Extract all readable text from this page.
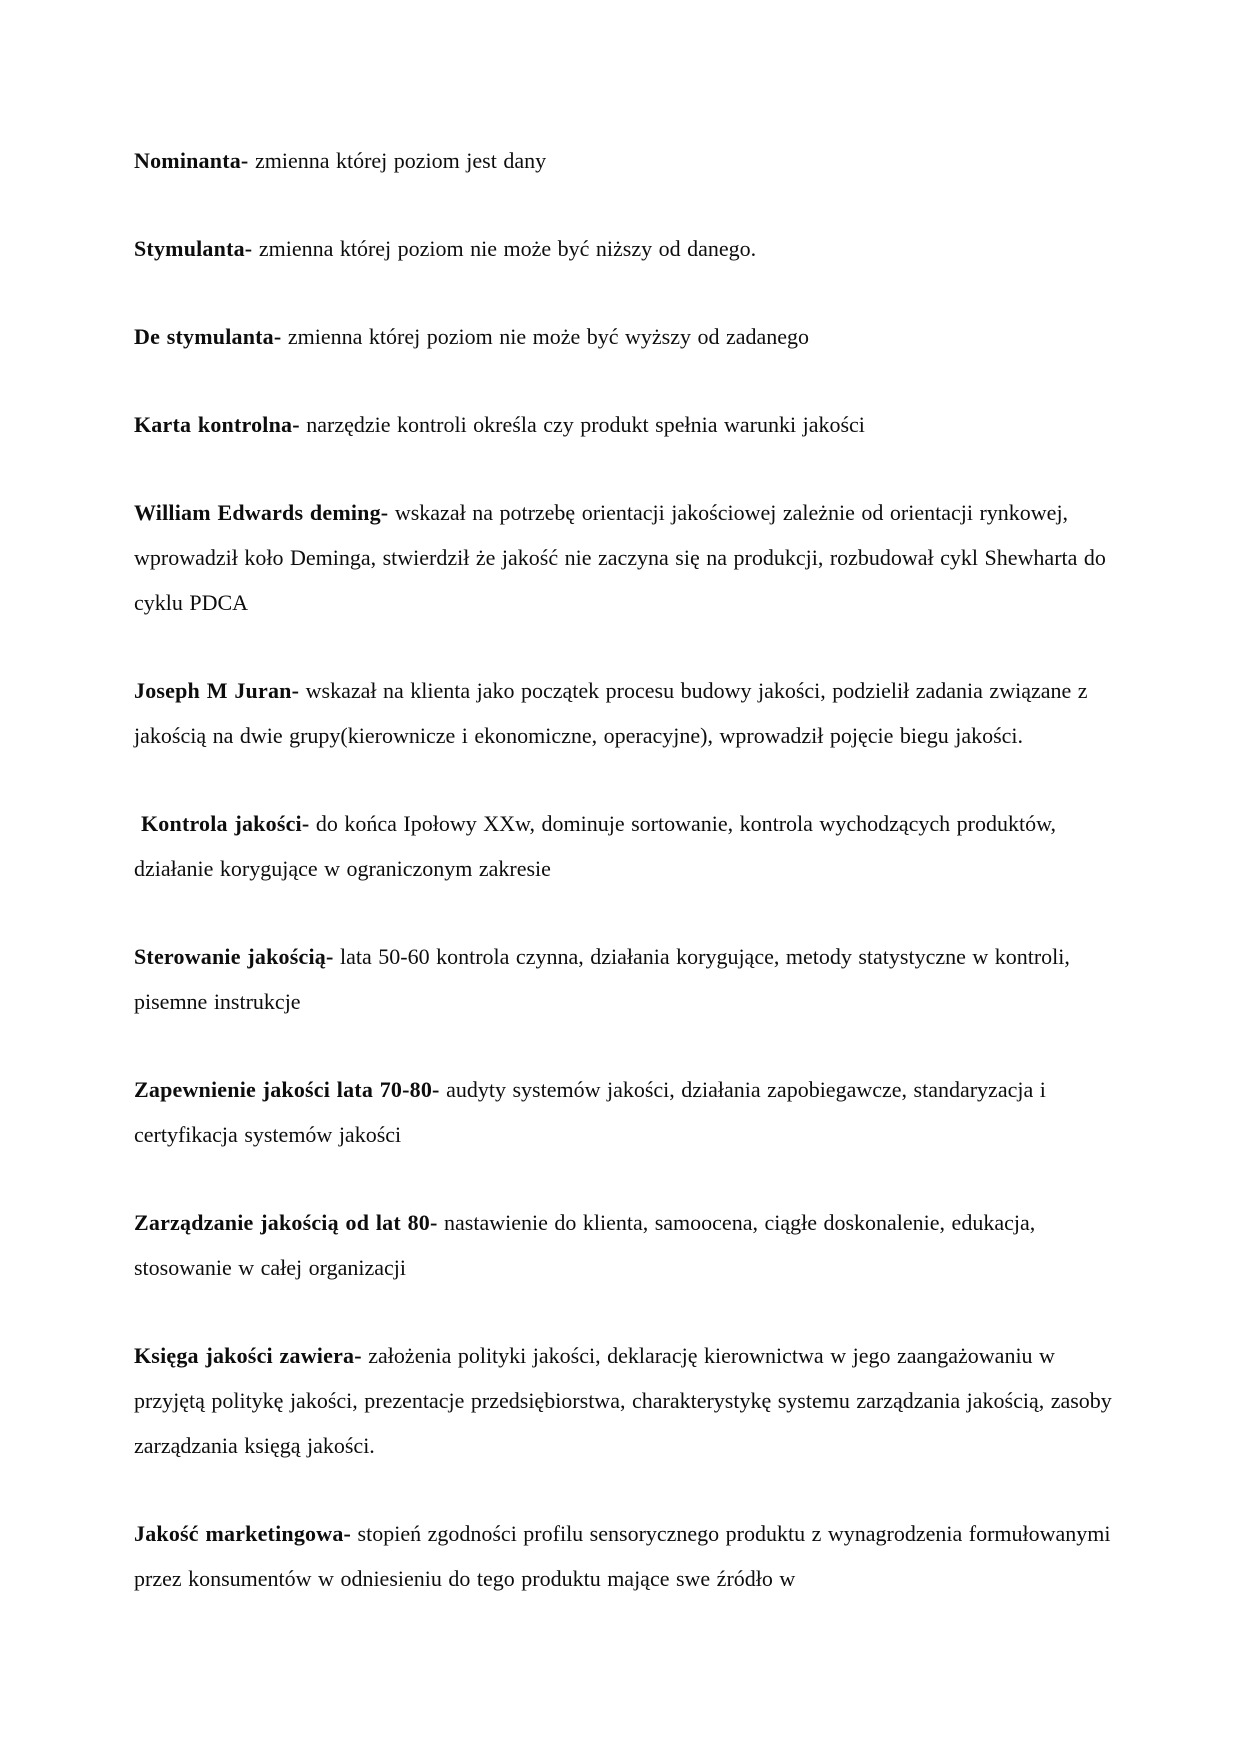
Nominanta- zmienna której poziom jest dany

Stymulanta- zmienna której poziom nie może być niższy od danego.

De stymulanta- zmienna której poziom nie może być wyższy od zadanego

Karta kontrolna- narzędzie kontroli określa czy produkt spełnia warunki jakości

William Edwards deming- wskazał na potrzebę orientacji jakościowej zależnie od orientacji rynkowej, wprowadził koło Deminga, stwierdził że jakość nie zaczyna się na produkcji, rozbudował cykl Shewharta do cyklu PDCA

Joseph M Juran- wskazał na klienta jako początek procesu budowy jakości, podzielił zadania związane z jakością na dwie grupy(kierownicze i ekonomiczne, operacyjne), wprowadził pojęcie biegu jakości.

Kontrola jakości- do końca Ipołowy XXw, dominuje sortowanie, kontrola wychodzących produktów, działanie korygujące w ograniczonym zakresie

Sterowanie jakością- lata 50-60 kontrola czynna, działania korygujące, metody statystyczne w kontroli, pisemne instrukcje

Zapewnienie jakości lata 70-80- audyty systemów jakości, działania zapobiegawcze, standaryzacja i certyfikacja systemów jakości

Zarządzanie jakością od lat 80- nastawienie do klienta, samoocena, ciągłe doskonalenie, edukacja, stosowanie w całej organizacji

Księga jakości zawiera- założenia polityki jakości, deklarację kierownictwa w jego zaangażowaniu w przyjętą politykę jakości, prezentacje przedsiębiorstwa, charakterystykę systemu zarządzania jakością, zasoby zarządzania księgą jakości.

Jakość marketingowa- stopień zgodności profilu sensorycznego produktu z wynagrodzenia formułowanymi przez konsumentów w odniesieniu do tego produktu mające swe źródło w
